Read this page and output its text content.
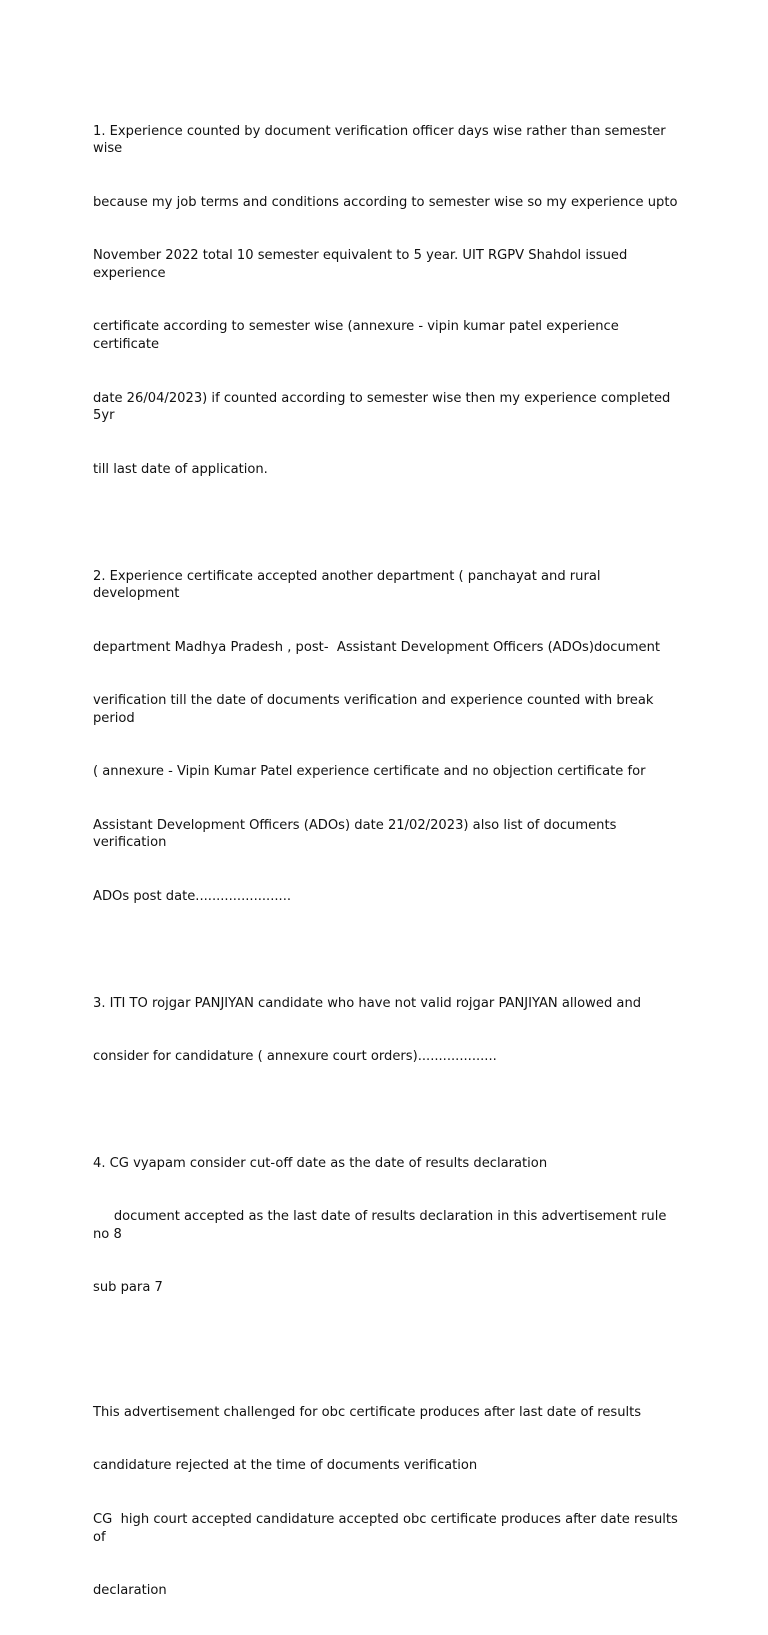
1. Experience counted by document verification officer days wise rather than semester wise

because my job terms and conditions according to semester wise so my experience upto

November 2022 total 10 semester equivalent to 5 year. UIT RGPV Shahdol issued experience

certificate according to semester wise (annexure - vipin kumar patel experience certificate

date 26/04/2023) if counted according to semester wise then my experience completed 5yr

till last date of application.

2. Experience certificate accepted another department ( panchayat and rural development

department Madhya Pradesh , post-  Assistant Development Officers (ADOs)document

verification till the date of documents verification and experience counted with break period

( annexure - Vipin Kumar Patel experience certificate and no objection certificate for

Assistant Development Officers (ADOs) date 21/02/2023) also list of documents verification

ADOs post date.......................

3. ITI TO rojgar PANJIYAN candidate who have not valid rojgar PANJIYAN allowed and

consider for candidature ( annexure court orders)...................

4. CG vyapam consider cut-off date as the date of results declaration

document accepted as the last date of results declaration in this advertisement rule no 8

sub para 7

This advertisement challenged for obc certificate produces after last date of results

candidature rejected at the time of documents verification

CG  high court accepted candidature accepted obc certificate produces after date results of

declaration
